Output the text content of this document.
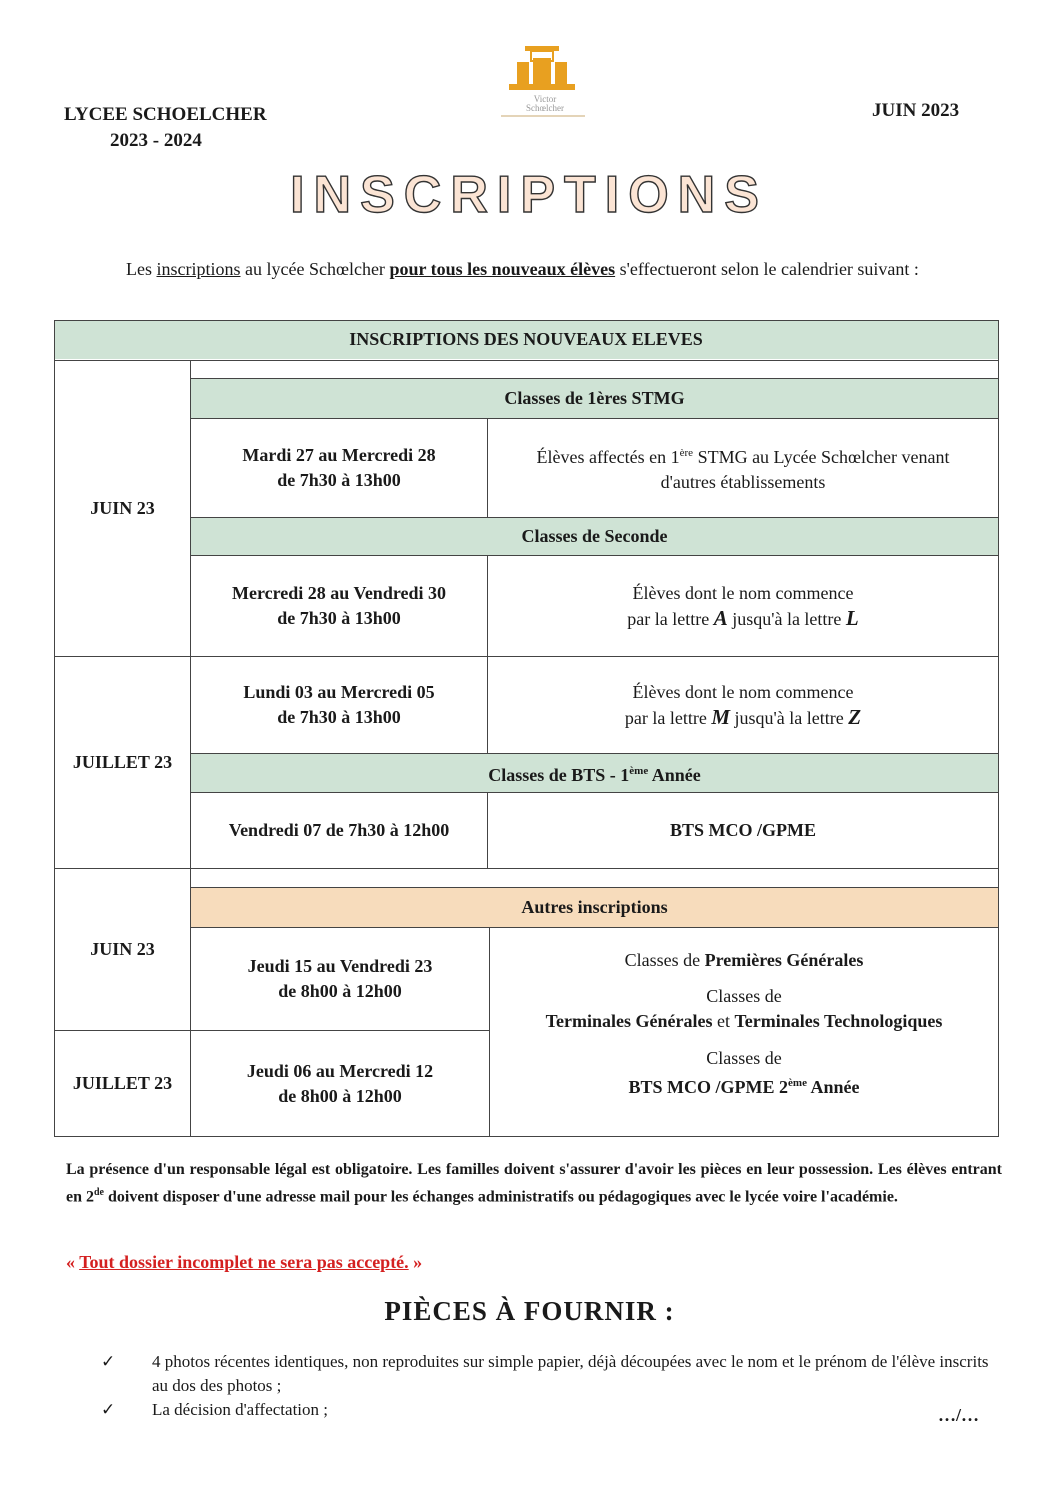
LYCEE SCHOELCHER
2023 - 2024
JUIN 2023
Victor
Schœlcher
INSCRIPTIONS
Les inscriptions au lycée Schœlcher pour tous les nouveaux élèves s'effectueront selon le calendrier suivant :
INSCRIPTIONS DES NOUVEAUX ELEVES
Classes de 1ères STMG
Classes de Seconde
Classes de BTS - 1ème Année
Autres inscriptions
JUIN 23
JUILLET 23
JUIN 23
JUILLET 23
Mardi 27 au Mercredi 28
de 7h30 à 13h00
Élèves affectés en 1ère STMG au Lycée Schœlcher venant
d'autres établissements
Mercredi 28 au Vendredi 30
de 7h30 à 13h00
Élèves dont le nom commence
par la lettre A jusqu'à la lettre L
Lundi 03 au Mercredi 05
de 7h30 à 13h00
Élèves dont le nom commence
par la lettre M jusqu'à la lettre Z
Vendredi 07 de 7h30 à 12h00	BTS MCO /GPME
Jeudi 15 au Vendredi 23
de 8h00 à 12h00
Jeudi 06 au Mercredi 12
de 8h00 à 12h00
Classes de Premières Générales
Classes de
Terminales Générales et Terminales Technologiques
Classes de
BTS MCO /GPME 2ème Année
La présence d'un responsable légal est obligatoire. Les familles doivent s'assurer d'avoir les pièces en leur possession. Les élèves entrant en 2de doivent disposer d'une adresse mail pour les échanges administratifs ou pédagogiques avec le lycée voire l'académie.
« Tout dossier incomplet ne sera pas accepté. »
PIÈCES À FOURNIR :
✓ 4 photos récentes identiques, non reproduites sur simple papier, déjà découpées avec le nom et le prénom de l'élève inscrits au dos des photos ;
✓ La décision d'affectation ;	…/…
